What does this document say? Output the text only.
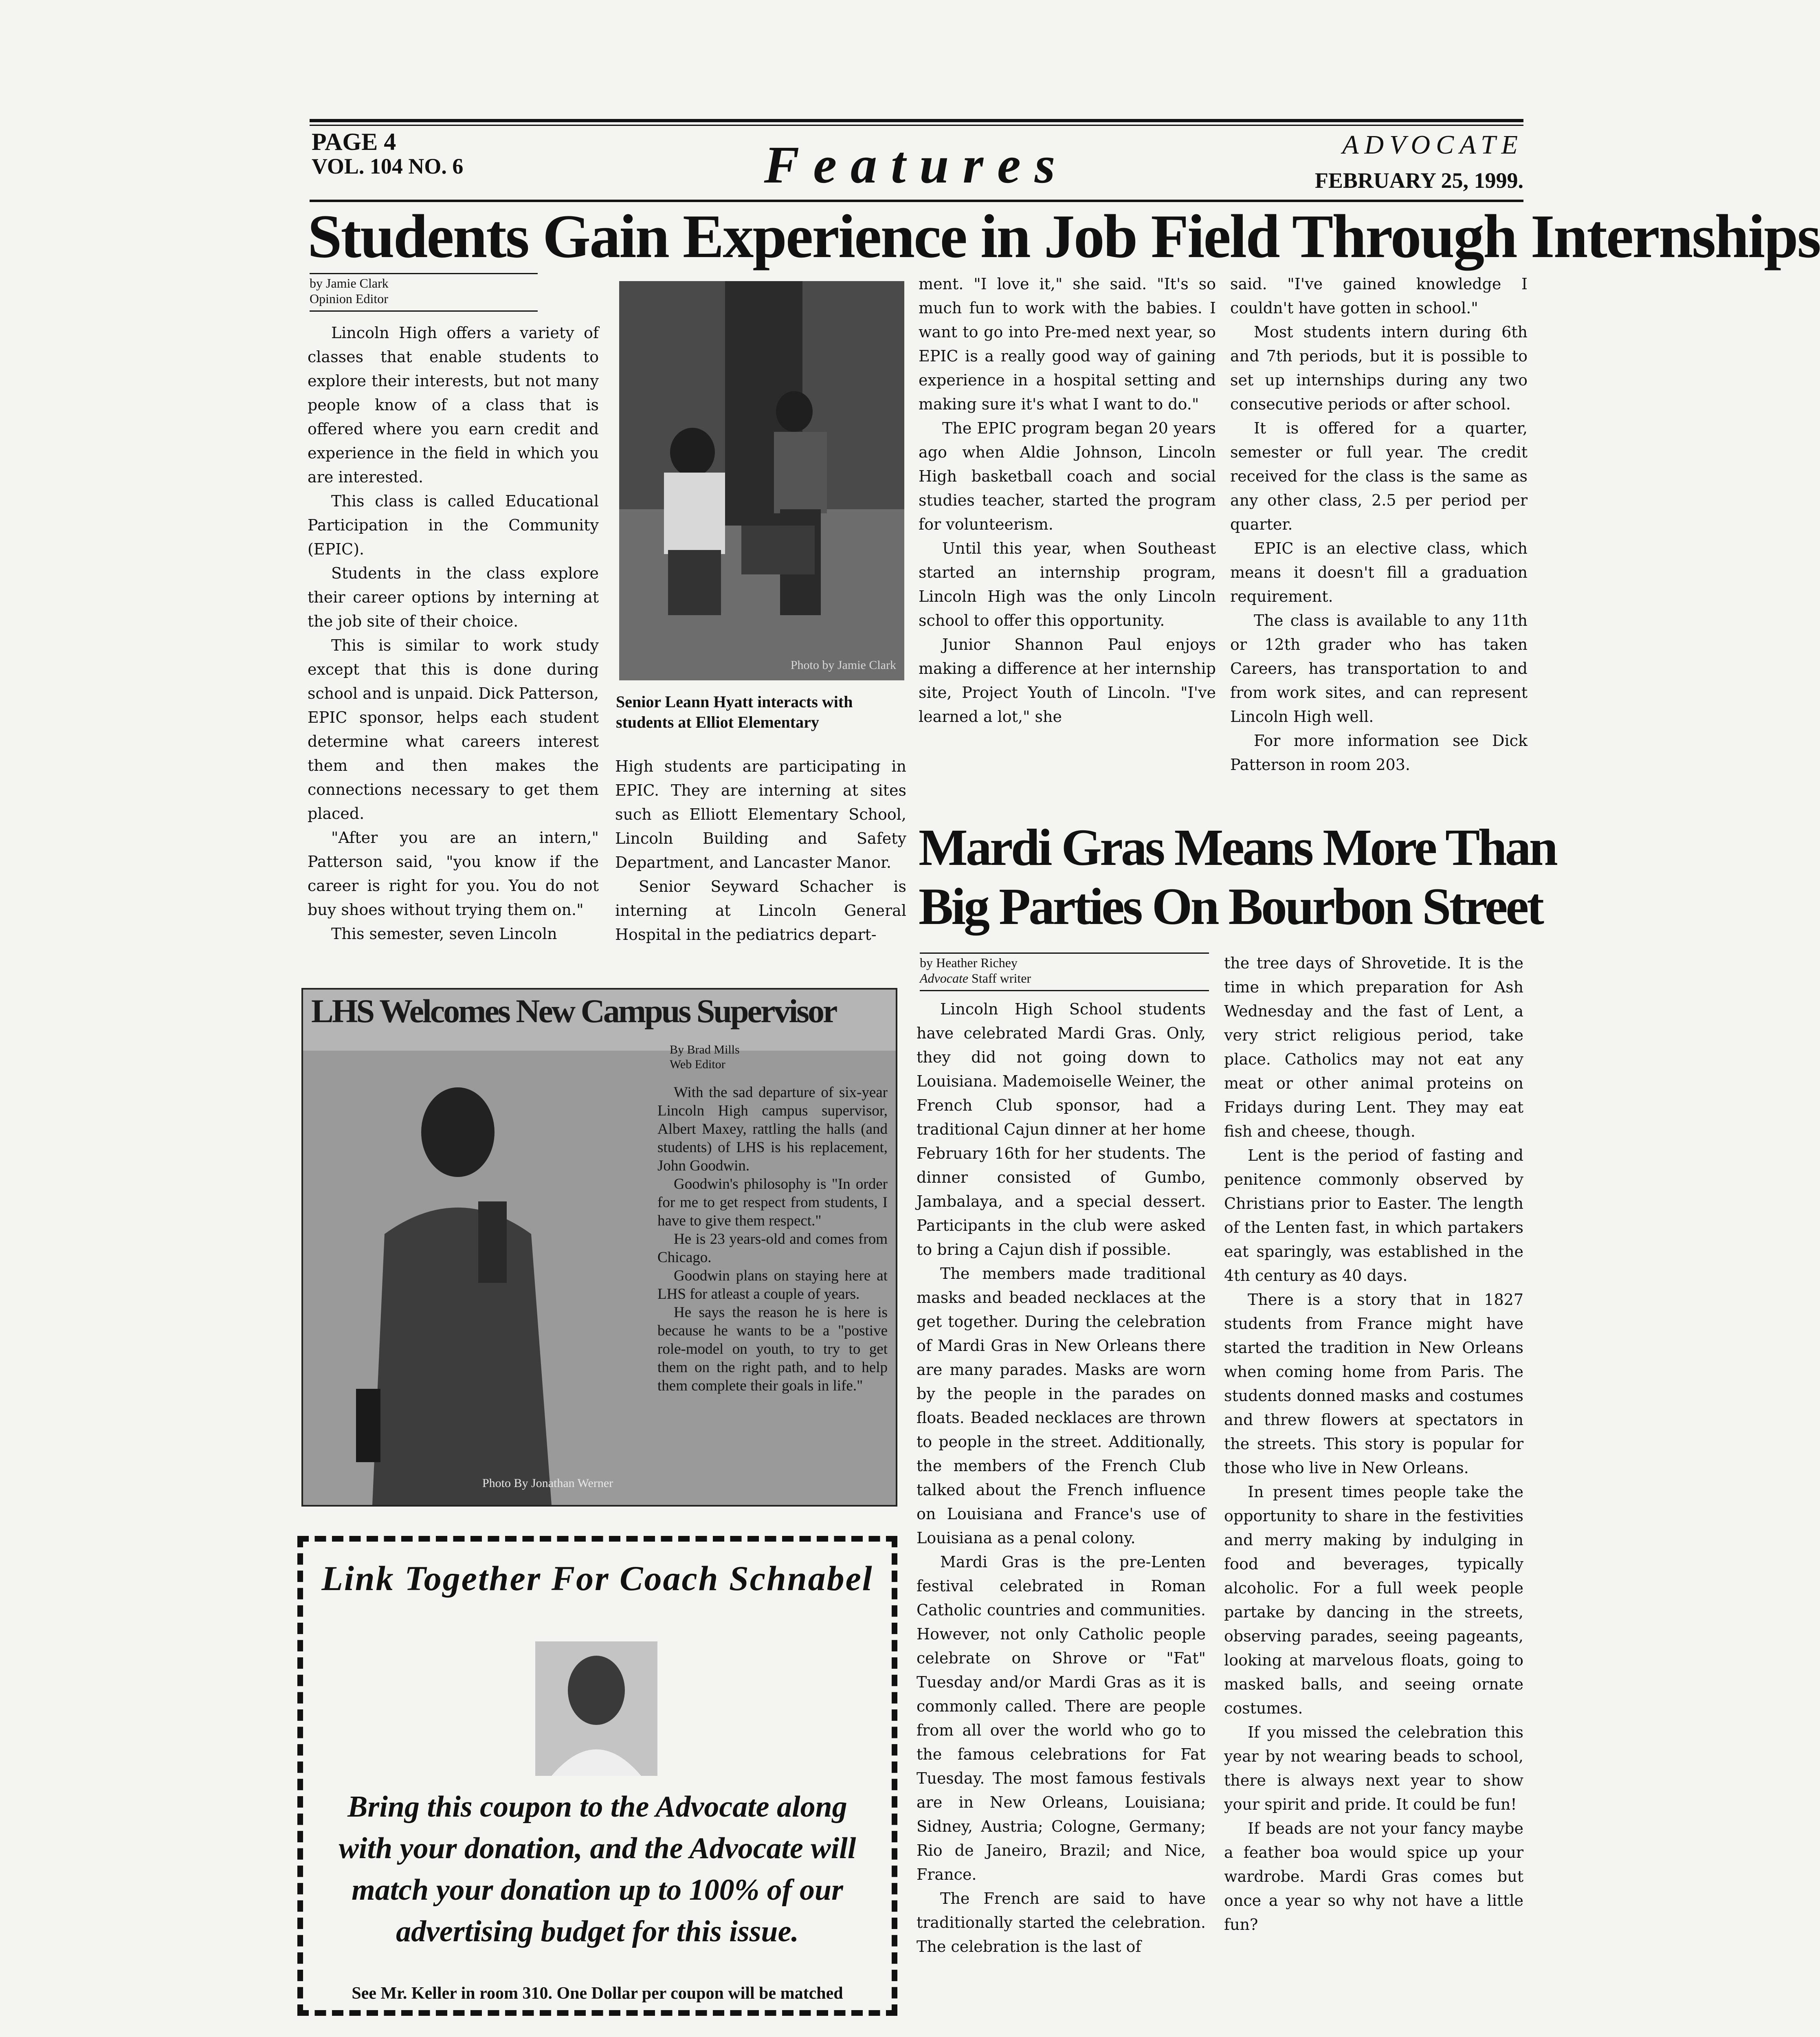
PAGE 4
VOL. 104 NO. 6	Features	ADVOCATE
FEBRUARY 25, 1999.
Students Gain Experience in Job Field Through Internships
by Jamie Clark
Opinion Editor

Lincoln High offers a variety of classes that enable students to explore their interests, but not many people know of a class that is offered where you earn credit and experience in the field in which you are interested.

This class is called Educational Participation in the Community (EPIC).

Students in the class explore their career options by interning at the job site of their choice.

This is similar to work study except that this is done during school and is unpaid. Dick Patterson, EPIC sponsor, helps each student determine what careers interest them and then makes the connections necessary to get them placed.

"After you are an intern," Patterson said, "you know if the career is right for you. You do not buy shoes without trying them on."

This semester, seven Lincoln

Photo by Jamie Clark
Senior Leann Hyatt interacts with students at Elliot Elementary

High students are participating in EPIC. They are interning at sites such as Elliott Elementary School, Lincoln Building and Safety Department, and Lancaster Manor.

Senior Seyward Schacher is interning at Lincoln General Hospital in the pediatrics depart-

ment. "I love it," she said. "It's so much fun to work with the babies. I want to go into Pre-med next year, so EPIC is a really good way of gaining experience in a hospital setting and making sure it's what I want to do."

The EPIC program began 20 years ago when Aldie Johnson, Lincoln High basketball coach and social studies teacher, started the program for volunteerism.

Until this year, when Southeast started an internship program, Lincoln High was the only Lincoln school to offer this opportunity.

Junior Shannon Paul enjoys making a difference at her internship site, Project Youth of Lincoln. "I've learned a lot," she

said. "I've gained knowledge I couldn't have gotten in school."

Most students intern during 6th and 7th periods, but it is possible to set up internships during any two consecutive periods or after school.

It is offered for a quarter, semester or full year. The credit received for the class is the same as any other class, 2.5 per period per quarter.

EPIC is an elective class, which means it doesn't fill a graduation requirement.

The class is available to any 11th or 12th grader who has taken Careers, has transportation to and from work sites, and can represent Lincoln High well.

For more information see Dick Patterson in room 203.

Mardi Gras Means More Than
Big Parties On Bourbon Street
by Heather Richey
Advocate Staff writer

Lincoln High School students have celebrated Mardi Gras. Only, they did not going down to Louisiana. Mademoiselle Weiner, the French Club sponsor, had a traditional Cajun dinner at her home February 16th for her students. The dinner consisted of Gumbo, Jambalaya, and a special dessert. Participants in the club were asked to bring a Cajun dish if possible.

The members made traditional masks and beaded necklaces at the get together. During the celebration of Mardi Gras in New Orleans there are many parades. Masks are worn by the people in the parades on floats. Beaded necklaces are thrown to people in the street. Additionally, the members of the French Club talked about the French influence on Louisiana and France's use of Louisiana as a penal colony.

Mardi Gras is the pre-Lenten festival celebrated in Roman Catholic countries and communities. However, not only Catholic people celebrate on Shrove or "Fat" Tuesday and/or Mardi Gras as it is commonly called. There are people from all over the world who go to the famous celebrations for Fat Tuesday. The most famous festivals are in New Orleans, Louisiana; Sidney, Austria; Cologne, Germany; Rio de Janeiro, Brazil; and Nice, France.

The French are said to have traditionally started the celebration. The celebration is the last of

the tree days of Shrovetide. It is the time in which preparation for Ash Wednesday and the fast of Lent, a very strict religious period, take place. Catholics may not eat any meat or other animal proteins on Fridays during Lent. They may eat fish and cheese, though.

Lent is the period of fasting and penitence commonly observed by Christians prior to Easter. The length of the Lenten fast, in which partakers eat sparingly, was established in the 4th century as 40 days.

There is a story that in 1827 students from France might have started the tradition in New Orleans when coming home from Paris. The students donned masks and costumes and threw flowers at spectators in the streets. This story is popular for those who live in New Orleans.

In present times people take the opportunity to share in the festivities and merry making by indulging in food and beverages, typically alcoholic. For a full week people partake by dancing in the streets, observing parades, seeing pageants, looking at marvelous floats, going to masked balls, and seeing ornate costumes.

If you missed the celebration this year by not wearing beads to school, there is always next year to show your spirit and pride. It could be fun!

If beads are not your fancy maybe a feather boa would spice up your wardrobe. Mardi Gras comes but once a year so why not have a little fun?

LHS Welcomes New Campus Supervisor
By Brad Mills
Web Editor

With the sad departure of six-year Lincoln High campus supervisor, Albert Maxey, rattling the halls (and students) of LHS is his replacement, John Goodwin.

Goodwin's philosophy is "In order for me to get respect from students, I have to give them respect."

He is 23 years-old and comes from Chicago.

Goodwin plans on staying here at LHS for atleast a couple of years.

He says the reason he is here is because he wants to be a "postive role-model on youth, to try to get them on the right path, and to help them complete their goals in life."

Photo By Jonathan Werner
Link Together For Coach Schnabel
Bring this coupon to the Advocate along with your donation, and the Advocate will match your donation up to 100% of our advertising budget for this issue.
See Mr. Keller in room 310. One Dollar per coupon will be matched
